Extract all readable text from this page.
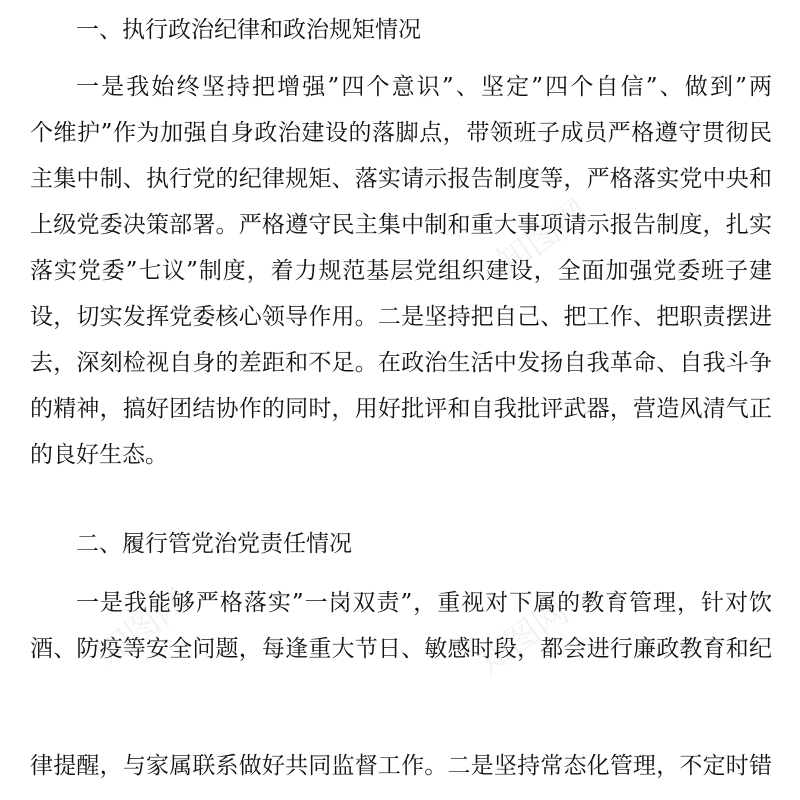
知图网
知图网	知图网
一、执行政治纪律和政治规矩情况
一是我始终坚持把增强”四个意识”、坚定”四个自信”、做到”两
个维护”作为加强自身政治建设的落脚点，带领班子成员严格遵守贯彻民
主集中制、执行党的纪律规矩、落实请示报告制度等，严格落实党中央和
上级党委决策部署。严格遵守民主集中制和重大事项请示报告制度，扎实
落实党委”七议”制度，着力规范基层党组织建设，全面加强党委班子建
设，切实发挥党委核心领导作用。二是坚持把自己、把工作、把职责摆进
去，深刻检视自身的差距和不足。在政治生活中发扬自我革命、自我斗争
的精神，搞好团结协作的同时，用好批评和自我批评武器，营造风清气正
的良好生态。
二、履行管党治党责任情况
一是我能够严格落实”一岗双责”，重视对下属的教育管理，针对饮
酒、防疫等安全问题，每逢重大节日、敏感时段，都会进行廉政教育和纪
律提醒，与家属联系做好共同监督工作。二是坚持常态化管理，不定时错
